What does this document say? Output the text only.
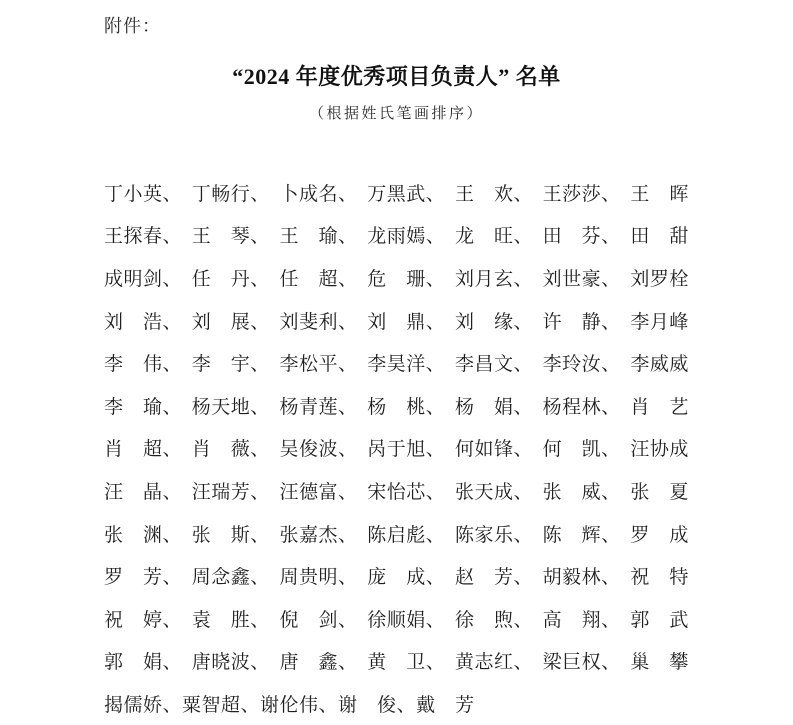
附件：
“2024 年度优秀项目负责人” 名单
（根据姓氏笔画排序）
丁小英、 丁畅行、 卜成名、 万黑武、 王　欢、 王莎莎、 王　晖
王探春、 王　琴、 王　瑜、 龙雨嫣、 龙　旺、 田　芬、 田　甜
成明剑、 任　丹、 任　超、 危　珊、 刘月玄、 刘世豪、 刘罗栓
刘　浩、 刘　展、 刘斐利、 刘　鼎、 刘　缘、 许　静、 李月峰
李　伟、 李　宇、 李松平、 李昊洋、 李昌文、 李玲汝、 李威威
李　瑜、 杨天地、 杨青莲、 杨　桃、 杨　娟、 杨程林、 肖　艺
肖　超、 肖　薇、 吴俊波、 呙于旭、 何如锋、 何　凯、 汪协成
汪　晶、 汪瑞芳、 汪德富、 宋怡芯、 张天成、 张　威、 张　夏
张　渊、 张　斯、 张嘉杰、 陈启彪、 陈家乐、 陈　辉、 罗　成
罗　芳、 周念鑫、 周贵明、 庞　成、 赵　芳、 胡毅林、 祝　特
祝　婷、 袁　胜、 倪　剑、 徐顺娟、 徐　煦、 高　翔、 郭　武
郭　娟、 唐晓波、 唐　鑫、 黄　卫、 黄志红、 梁巨权、 巢　攀
揭儒娇、 粟智超、 谢伦伟、 谢　俊、 戴　芳
